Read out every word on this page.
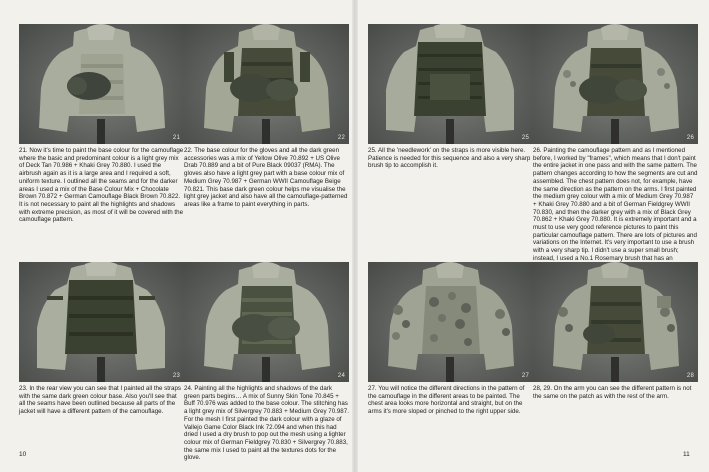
21	22	25	26

21. Now it's time to paint the base colour for the camouflage where the basic and predominant colour is a light grey mix of Deck Tan 70.986 + Khaki Grey 70.880. I used the airbrush again as it is a large area and I required a soft, uniform texture. I outlined all the seams and for the darker areas I used a mix of the Base Colour Mix + Chocolate Brown 70.872 + German Camouflage Black Brown 70.822. It is not necessary to paint all the highlights and shadows with extreme precision, as most of it will be covered with the camouflage pattern.

22. The base colour for the gloves and all the dark green accessories was a mix of Yellow Olive 70.892 + US Olive Drab 70.889 and a bit of Pure Black 09037 (RMA). The gloves also have a light grey part with a base colour mix of Medium Grey 70.987 + German WWII Camouflage Beige 70.821. This base dark green colour helps me visualise the light grey jacket and also have all the camouflage-patterned areas like a frame to paint everything in parts.

25. All the 'needlework' on the straps is more visible here. Patience is needed for this sequence and also a very sharp brush tip to accomplish it.

26. Painting the camouflage pattern and as I mentioned before, I worked by "frames", which means that I don't paint the entire jacket in one pass and with the same pattern. The pattern changes according to how the segments are cut and assembled. The chest pattern does not, for example, have the same direction as the pattern on the arms. I first painted the medium grey colour with a mix of Medium Grey 70.987 + Khaki Grey 70.880 and a bit of German Fieldgrey WWII 70.830, and then the darker grey with a mix of Black Grey 70.862 + Khaki Grey 70.880. It is extremely important and a must to use very good reference pictures to paint this particular camouflage pattern. There are lots of pictures and variations on the Internet. It's very important to use a brush with a very sharp tip. I didn't use a super small brush; instead, I used a No.1 Rosemary brush that has an

23	24	27	28

23. In the rear view you can see that I painted all the straps with the same dark green colour base. Also you'll see that all the seams have been outlined because all parts of the jacket will have a different pattern of the camouflage.

24. Painting all the highlights and shadows of the dark green parts begins… A mix of Sunny Skin Tone 70.845 + Buff 70.976 was added to the base colour. The stitching has a light grey mix of Silvergrey 70.883 + Medium Grey 70.987. For the mesh I first painted the dark colour with a glaze of Vallejo Game Color Black Ink 72.094 and when this had dried I used a dry brush to pop out the mesh using a lighter colour mix of German Fieldgrey 70.830 + Silvergrey 70.883, the same mix I used to paint all the textures dots for the glove.

27. You will notice the different directions in the pattern of the camouflage in the different areas to be painted. The chest area looks more horizontal and straight, but on the arms it's more sloped or pinched to the right upper side.

28, 29. On the arm you can see the different pattern is not the same on the patch as with the rest of the arm.

10	11
